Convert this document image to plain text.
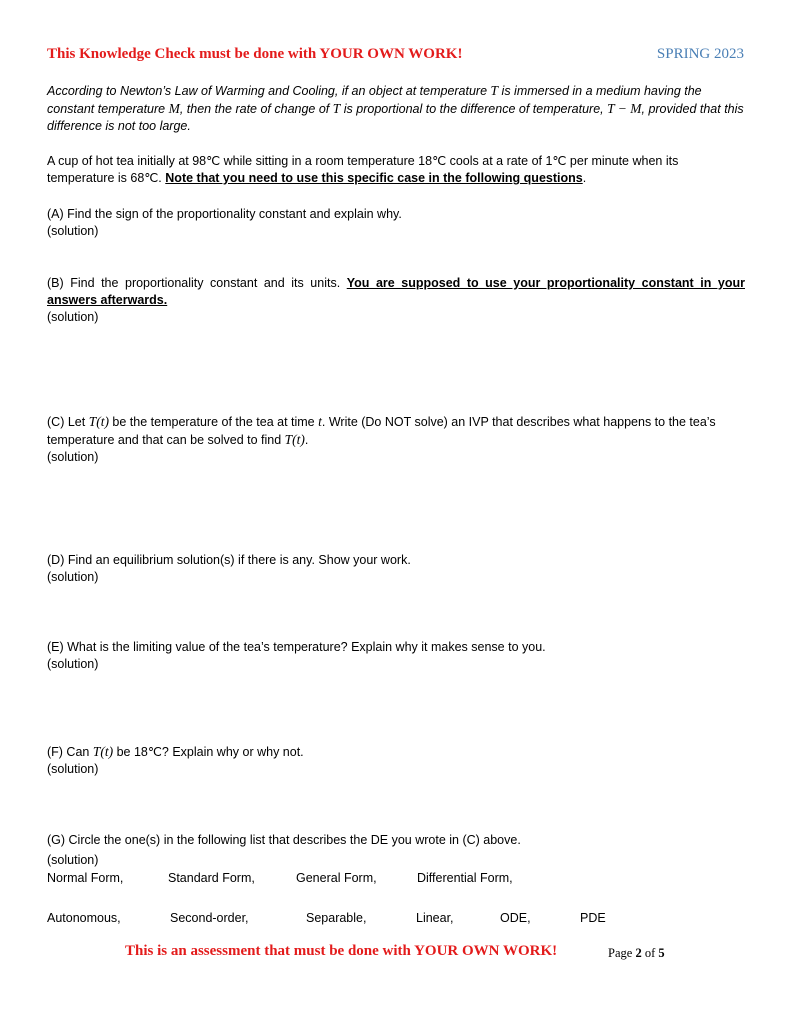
This Knowledge Check must be done with YOUR OWN WORK!	SPRING 2023
According to Newton’s Law of Warming and Cooling, if an object at temperature T is immersed in a medium having the constant temperature M, then the rate of change of T is proportional to the difference of temperature, T − M, provided that this difference is not too large.
A cup of hot tea initially at 98℃ while sitting in a room temperature 18℃ cools at a rate of 1℃ per minute when its temperature is 68℃. Note that you need to use this specific case in the following questions.
(A) Find the sign of the proportionality constant and explain why.
(solution)
(B) Find the proportionality constant and its units. You are supposed to use your proportionality constant in your answers afterwards.
(solution)
(C) Let T(t) be the temperature of the tea at time t. Write (Do NOT solve) an IVP that describes what happens to the tea’s temperature and that can be solved to find T(t).
(solution)
(D) Find an equilibrium solution(s) if there is any. Show your work.
(solution)
(E) What is the limiting value of the tea’s temperature? Explain why it makes sense to you.
(solution)
(F) Can T(t) be 18℃? Explain why or why not.
(solution)
(G) Circle the one(s) in the following list that describes the DE you wrote in (C) above.
(solution)
Normal Form,	Standard Form,	General Form,	Differential Form,
Autonomous,	Second-order,	Separable,	Linear,	ODE,	PDE
This is an assessment that must be done with YOUR OWN WORK!	Page 2 of 5
